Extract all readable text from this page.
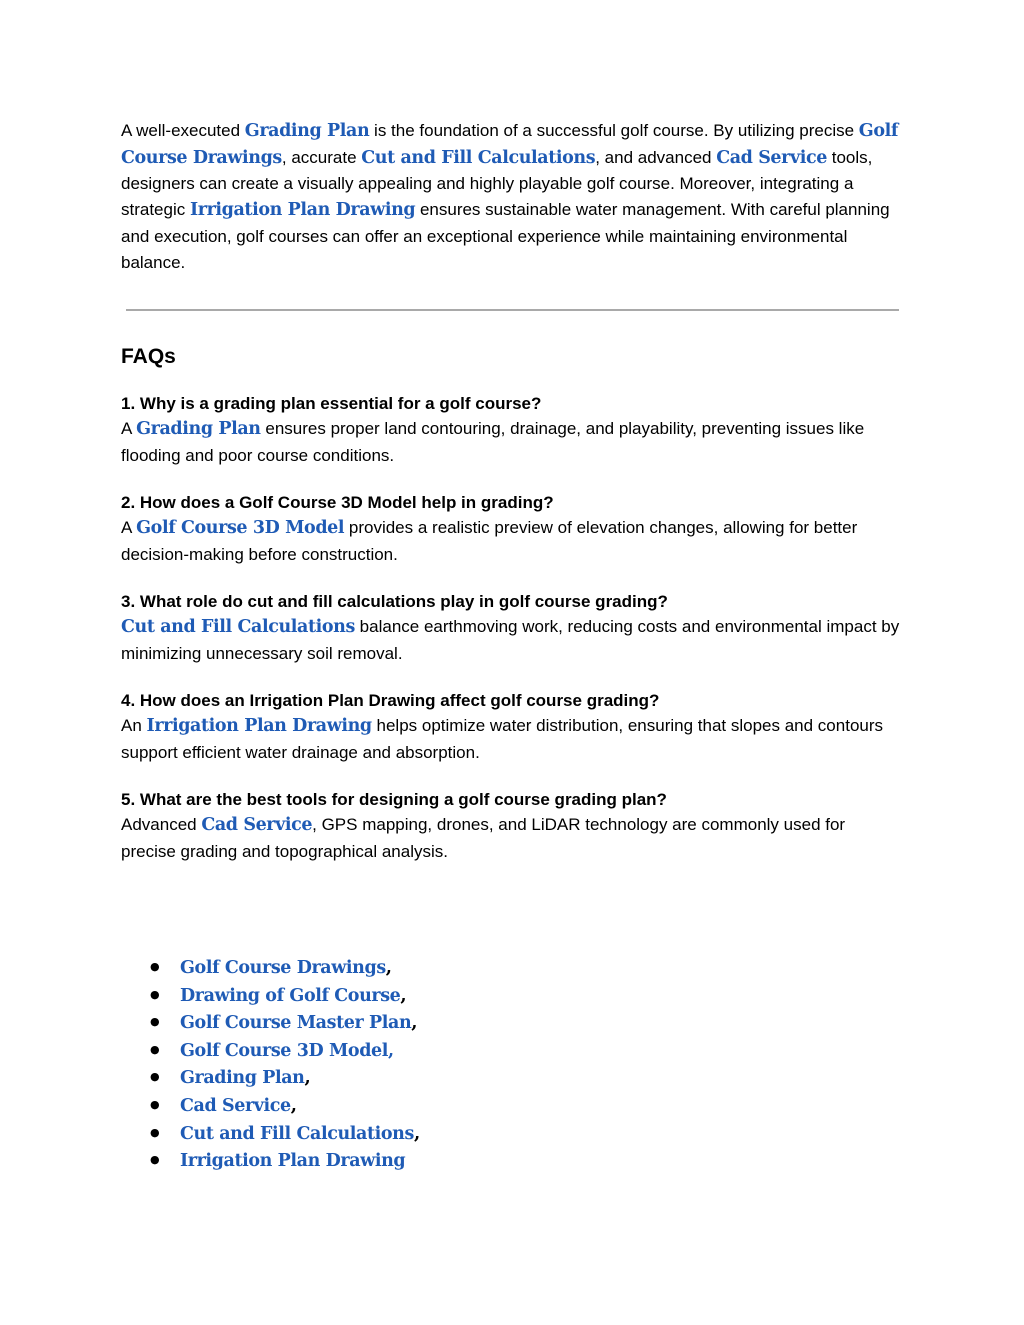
A well-executed Grading Plan is the foundation of a successful golf course. By utilizing precise Golf Course Drawings, accurate Cut and Fill Calculations, and advanced Cad Service tools, designers can create a visually appealing and highly playable golf course. Moreover, integrating a strategic Irrigation Plan Drawing ensures sustainable water management. With careful planning and execution, golf courses can offer an exceptional experience while maintaining environmental balance.

FAQs

1. Why is a grading plan essential for a golf course?

A Grading Plan ensures proper land contouring, drainage, and playability, preventing issues like flooding and poor course conditions.

2. How does a Golf Course 3D Model help in grading?

A Golf Course 3D Model provides a realistic preview of elevation changes, allowing for better decision-making before construction.

3. What role do cut and fill calculations play in golf course grading?

Cut and Fill Calculations balance earthmoving work, reducing costs and environmental impact by minimizing unnecessary soil removal.

4. How does an Irrigation Plan Drawing affect golf course grading?

An Irrigation Plan Drawing helps optimize water distribution, ensuring that slopes and contours support efficient water drainage and absorption.

5. What are the best tools for designing a golf course grading plan?

Advanced Cad Service, GPS mapping, drones, and LiDAR technology are commonly used for precise grading and topographical analysis.

● Golf Course Drawings,
● Drawing of Golf Course,
● Golf Course Master Plan,
● Golf Course 3D Model,
● Grading Plan,
● Cad Service,
● Cut and Fill Calculations,
● Irrigation Plan Drawing
